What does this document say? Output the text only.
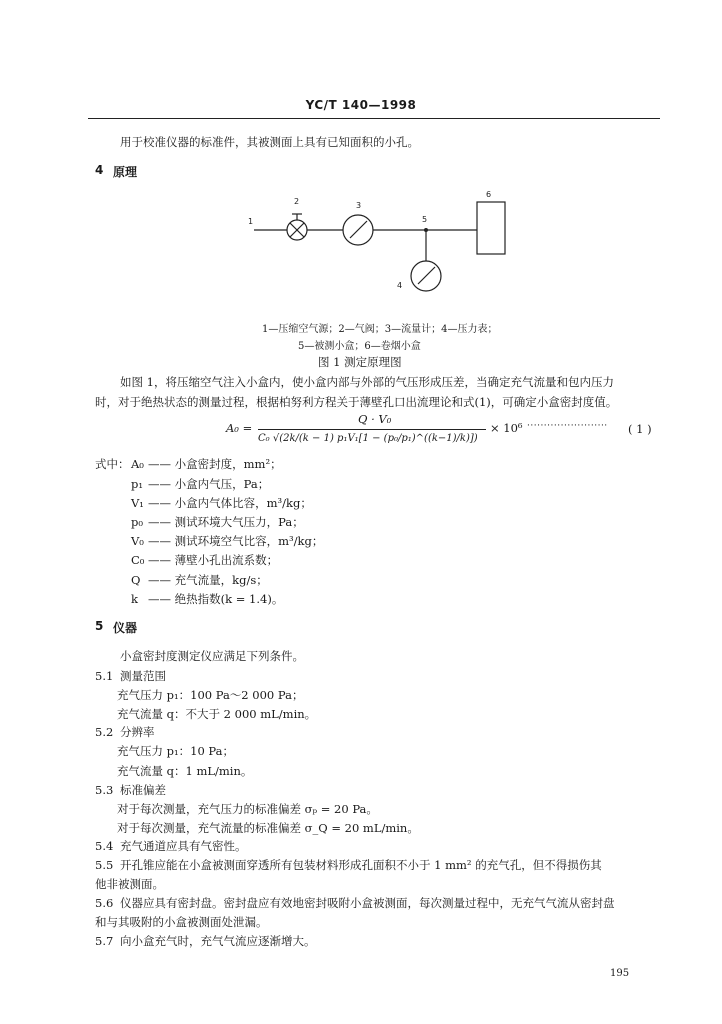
YC/T 140—1998
用于校准仪器的标准件，其被测面上具有已知面积的小孔。
4 原理
1
2	3
4
5
6
1—压缩空气源；2—气阀；3—流量计；4—压力表；
5—被测小盒；6—卷烟小盒
图 1 测定原理图
如图 1，将压缩空气注入小盒内，使小盒内部与外部的气压形成压差，当确定充气流量和包内压力
时，对于绝热状态的测量过程，根据柏努利方程关于薄壁孔口出流理论和式(1)，可确定小盒密封度值。
A₀ =
Q · V₀
C₀ √(2k/(k − 1) p₁V₁[1 − (p₀/p₁)^((k−1)/k)])
× 10⁶ ························ ( 1 )
式中： A₀ —— 小盒密封度，mm²；
p₁ —— 小盒内气压，Pa；
V₁ —— 小盒内气体比容，m³/kg；
p₀ —— 测试环境大气压力，Pa；
V₀ —— 测试环境空气比容，m³/kg；
C₀ —— 薄壁小孔出流系数；
Q —— 充气流量，kg/s；
k —— 绝热指数(k = 1.4)。
5 仪器
小盒密封度测定仪应满足下列条件。
5.1 测量范围
充气压力 p₁：100 Pa～2 000 Pa；
充气流量 q：不大于 2 000 mL/min。
5.2 分辨率
充气压力 p₁：10 Pa；
充气流量 q：1 mL/min。
5.3 标准偏差
对于每次测量，充气压力的标准偏差 σₚ = 20 Pa。
对于每次测量，充气流量的标准偏差 σ_Q = 20 mL/min。
5.4 充气通道应具有气密性。
5.5 开孔锥应能在小盒被测面穿透所有包装材料形成孔面积不小于 1 mm² 的充气孔，但不得损伤其
他非被测面。
5.6 仪器应具有密封盘。密封盘应有效地密封吸附小盒被测面，每次测量过程中，无充气气流从密封盘
和与其吸附的小盒被测面处泄漏。
5.7 向小盒充气时，充气气流应逐渐增大。
195
